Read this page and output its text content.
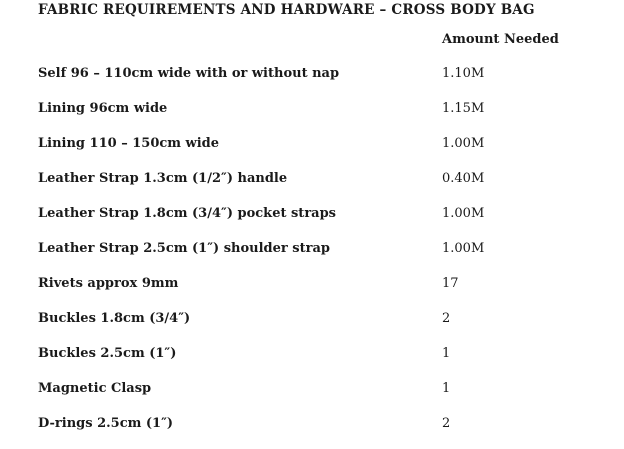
FABRIC REQUIREMENTS AND HARDWARE – CROSS BODY BAG
Amount Needed
Self 96 – 110cm wide with or without nap	1.10M
Lining 96cm wide	1.15M
Lining 110 – 150cm wide	1.00M
Leather Strap 1.3cm (1/2″) handle	0.40M
Leather Strap 1.8cm (3/4″) pocket straps	1.00M
Leather Strap 2.5cm (1″) shoulder strap	1.00M
Rivets approx 9mm	17
Buckles 1.8cm (3/4″)	2
Buckles 2.5cm (1″)	1
Magnetic Clasp	1
D-rings 2.5cm (1″)	2
